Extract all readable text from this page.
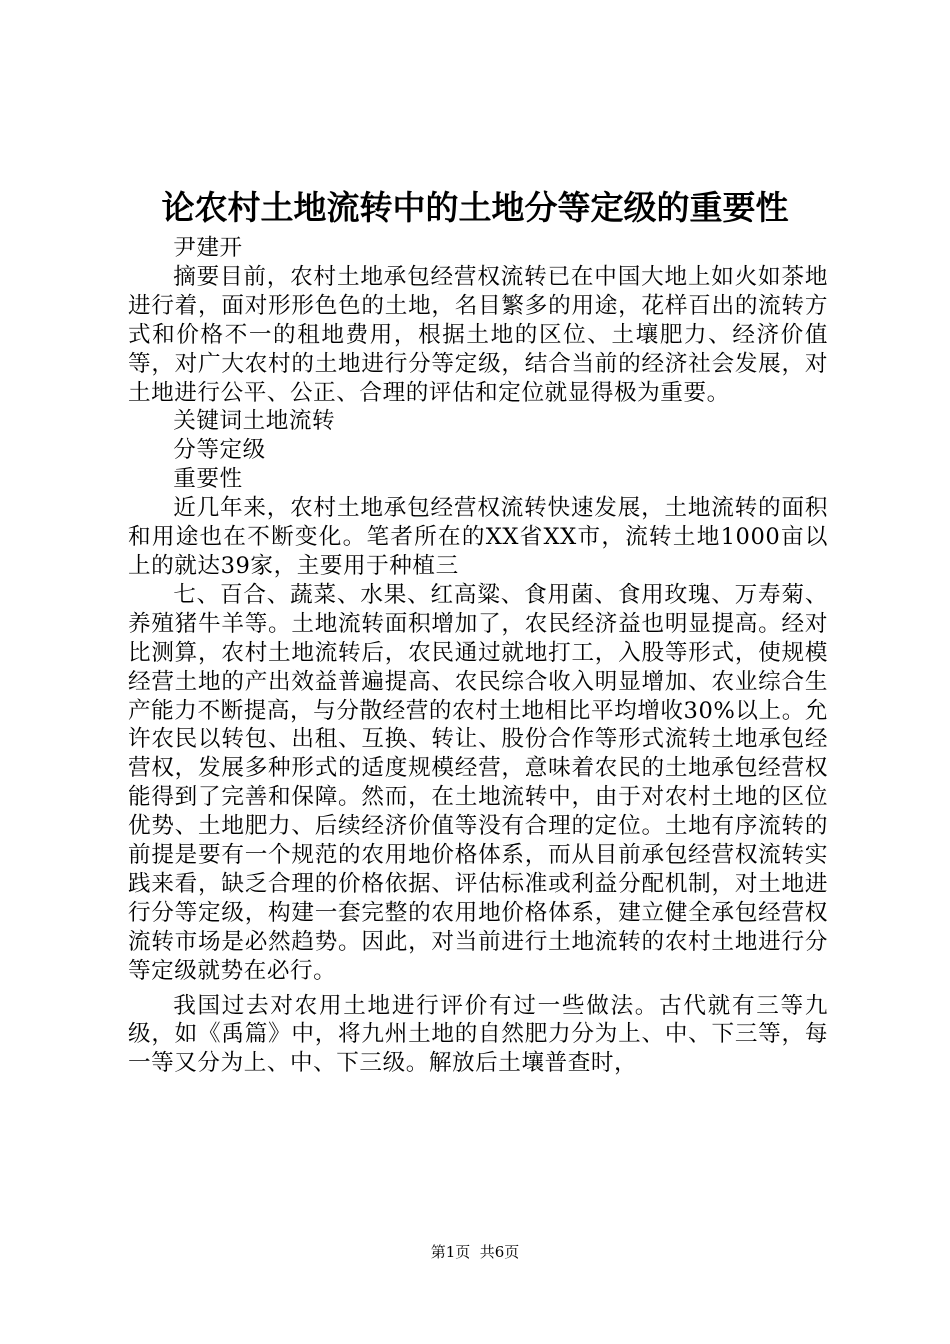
论农村土地流转中的土地分等定级的重要性

尹建开

摘要目前，农村土地承包经营权流转已在中国大地上如火如茶地进行着，面对形形色色的土地，名目繁多的用途，花样百出的流转方式和价格不一的租地费用，根据土地的区位、土壤肥力、经济价值等，对广大农村的土地进行分等定级，结合当前的经济社会发展，对土地进行公平、公正、合理的评估和定位就显得极为重要。

关键词土地流转

分等定级

重要性

近几年来，农村土地承包经营权流转快速发展，土地流转的面积和用途也在不断变化。笔者所在的XX省XX市，流转土地1000亩以上的就达39家，主要用于种植三

七、百合、蔬菜、水果、红高粱、食用菌、食用玫瑰、万寿菊、养殖猪牛羊等。土地流转面积增加了，农民经济益也明显提高。经对比测算，农村土地流转后，农民通过就地打工，入股等形式，使规模经营土地的产出效益普遍提高、农民综合收入明显增加、农业综合生产能力不断提高，与分散经营的农村土地相比平均增收30%以上。允许农民以转包、出租、互换、转让、股份合作等形式流转土地承包经营权，发展多种形式的适度规模经营，意味着农民的土地承包经营权能得到了完善和保障。然而，在土地流转中，由于对农村土地的区位优势、土地肥力、后续经济价值等没有合理的定位。土地有序流转的前提是要有一个规范的农用地价格体系，而从目前承包经营权流转实践来看，缺乏合理的价格依据、评估标准或利益分配机制，对土地进行分等定级，构建一套完整的农用地价格体系，建立健全承包经营权流转市场是必然趋势。因此，对当前进行土地流转的农村土地进行分等定级就势在必行。

我国过去对农用土地进行评价有过一些做法。古代就有三等九级，如《禹篇》中，将九州土地的自然肥力分为上、中、下三等，每一等又分为上、中、下三级。解放后土壤普查时，

第1页  共6页
